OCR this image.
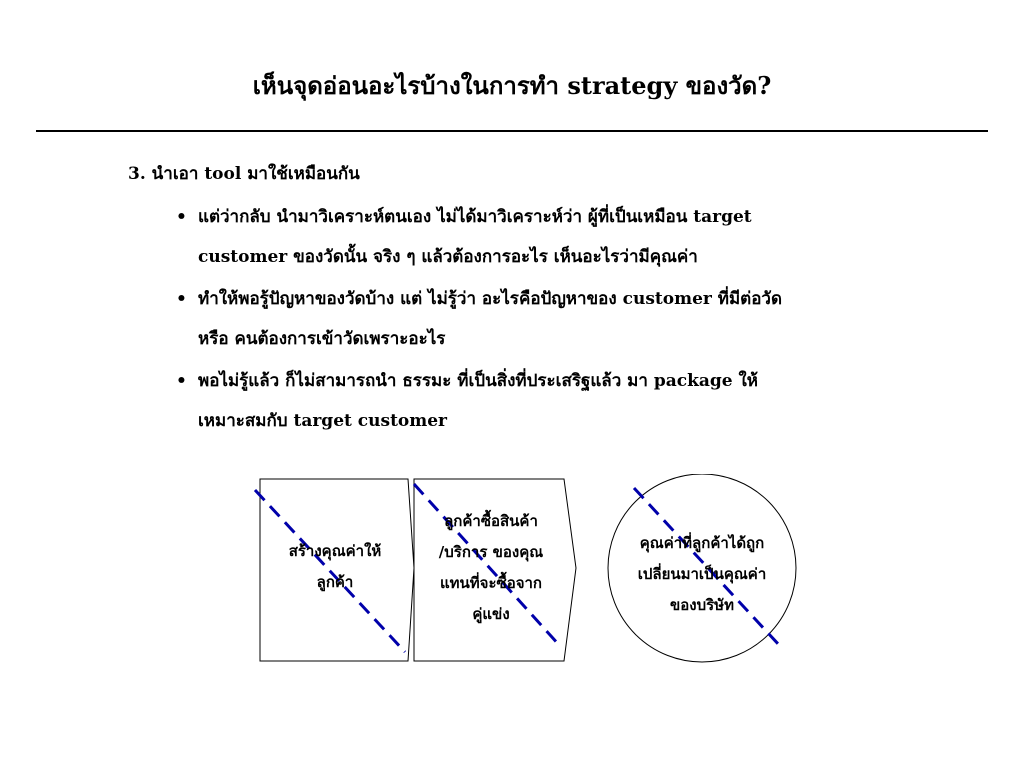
เห็นจุดอ่อนอะไรบ้างในการทำ strategy ของวัด?
3. นำเอา tool มาใช้เหมือนกัน
• แต่ว่ากลับ นำมาวิเคราะห์ตนเอง ไม่ได้มาวิเคราะห์ว่า ผู้ที่เป็นเหมือน target
customer ของวัดนั้น จริง ๆ แล้วต้องการอะไร เห็นอะไรว่ามีคุณค่า
• ทำให้พอรู้ปัญหาของวัดบ้าง แต่ ไม่รู้ว่า อะไรคือปัญหาของ customer ที่มีต่อวัด
หรือ คนต้องการเข้าวัดเพราะอะไร
• พอไม่รู้แล้ว ก็ไม่สามารถนำ ธรรมะ ที่เป็นสิ่งที่ประเสริฐแล้ว มา package ให้
เหมาะสมกับ target customer
สร้างคุณค่าให้
ลูกค้า
ลูกค้าซื้อสินค้า
/บริการ ของคุณ
แทนที่จะซื้อจาก
คู่แข่ง
คุณค่าที่ลูกค้าได้ถูก
เปลี่ยนมาเป็นคุณค่า
ของบริษัท
